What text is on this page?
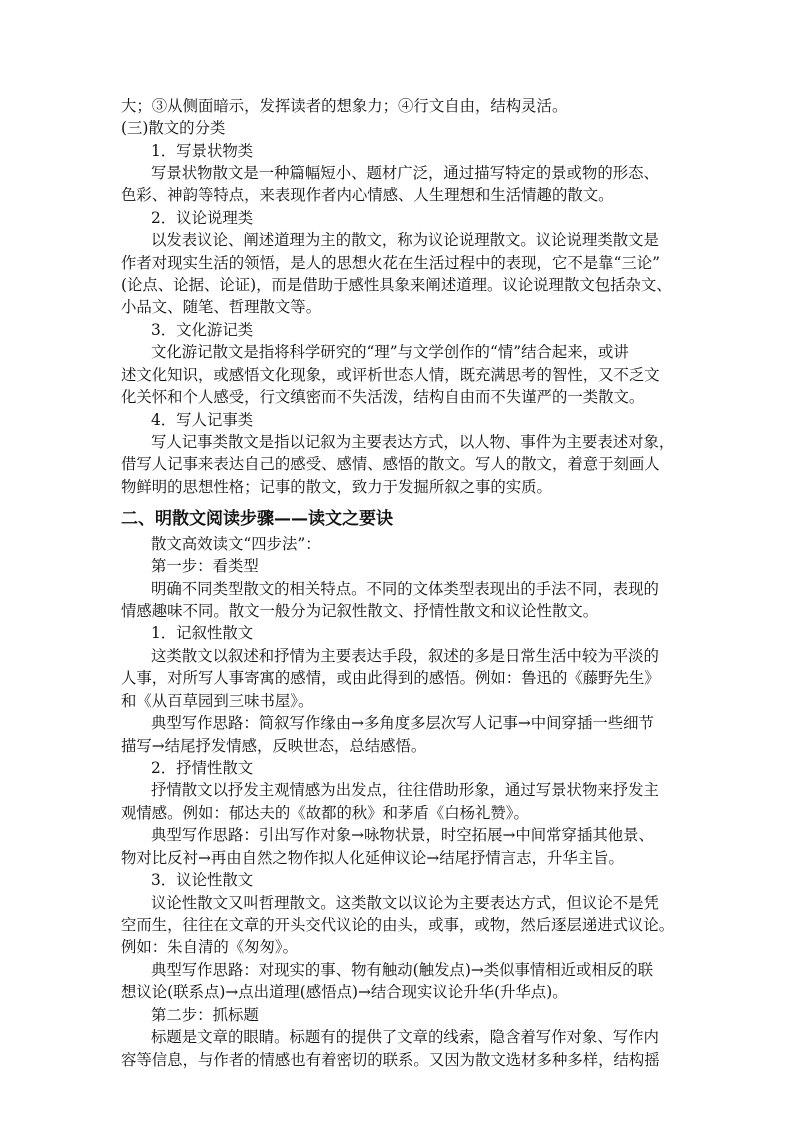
大；③从侧面暗示，发挥读者的想象力；④行文自由，结构灵活。
(三)散文的分类
1．写景状物类
写景状物散文是一种篇幅短小、题材广泛，通过描写特定的景或物的形态、
色彩、神韵等特点，来表现作者内心情感、人生理想和生活情趣的散文。
2．议论说理类
以发表议论、阐述道理为主的散文，称为议论说理散文。议论说理类散文是
作者对现实生活的领悟，是人的思想火花在生活过程中的表现，它不是靠“三论”
(论点、论据、论证)，而是借助于感性具象来阐述道理。议论说理散文包括杂文、
小品文、随笔、哲理散文等。
3．文化游记类
文化游记散文是指将科学研究的“理”与文学创作的“情”结合起来，或讲
述文化知识，或感悟文化现象，或评析世态人情，既充满思考的智性，又不乏文
化关怀和个人感受，行文缜密而不失活泼，结构自由而不失谨严的一类散文。
4．写人记事类
写人记事类散文是指以记叙为主要表达方式，以人物、事件为主要表述对象，
借写人记事来表达自己的感受、感情、感悟的散文。写人的散文，着意于刻画人
物鲜明的思想性格；记事的散文，致力于发掘所叙之事的实质。
二、明散文阅读步骤——读文之要诀
散文高效读文“四步法”：
第一步：看类型
明确不同类型散文的相关特点。不同的文体类型表现出的手法不同，表现的
情感趣味不同。散文一般分为记叙性散文、抒情性散文和议论性散文。
1．记叙性散文
这类散文以叙述和抒情为主要表达手段，叙述的多是日常生活中较为平淡的
人事，对所写人事寄寓的感情，或由此得到的感悟。例如：鲁迅的《藤野先生》
和《从百草园到三味书屋》。
典型写作思路：简叙写作缘由→多角度多层次写人记事→中间穿插一些细节
描写→结尾抒发情感，反映世态，总结感悟。
2．抒情性散文
抒情散文以抒发主观情感为出发点，往往借助形象，通过写景状物来抒发主
观情感。例如：郁达夫的《故都的秋》和茅盾《白杨礼赞》。
典型写作思路：引出写作对象→咏物状景，时空拓展→中间常穿插其他景、
物对比反衬→再由自然之物作拟人化延伸议论→结尾抒情言志，升华主旨。
3．议论性散文
议论性散文又叫哲理散文。这类散文以议论为主要表达方式，但议论不是凭
空而生，往往在文章的开头交代议论的由头，或事，或物，然后逐层递进式议论。
例如：朱自清的《匆匆》。
典型写作思路：对现实的事、物有触动(触发点)→类似事情相近或相反的联
想议论(联系点)→点出道理(感悟点)→结合现实议论升华(升华点)。
第二步：抓标题
标题是文章的眼睛。标题有的提供了文章的线索，隐含着写作对象、写作内
容等信息，与作者的情感也有着密切的联系。又因为散文选材多种多样，结构摇
